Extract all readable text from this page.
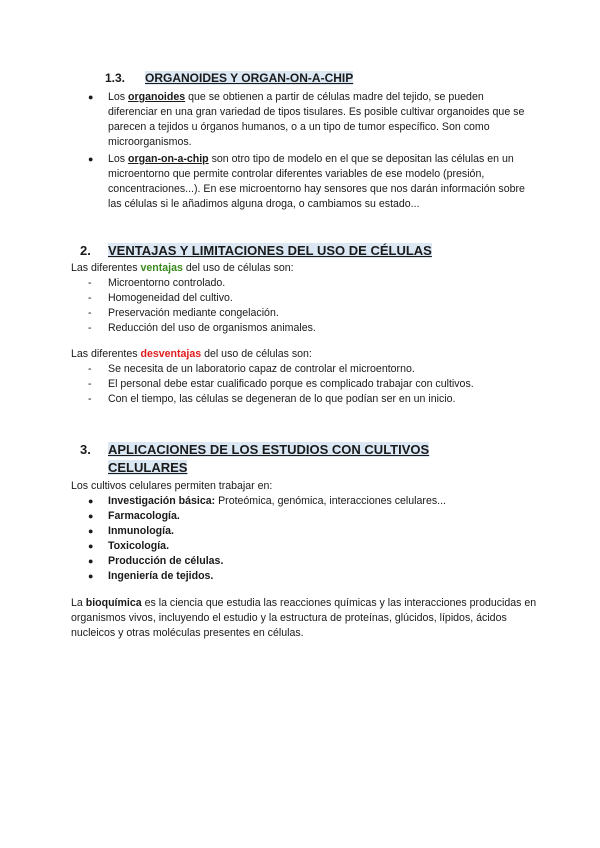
1.3. ORGANOIDES Y ORGAN-ON-A-CHIP
● Los organoides que se obtienen a partir de células madre del tejido, se pueden diferenciar en una gran variedad de tipos tisulares. Es posible cultivar organoides que se parecen a tejidos u órganos humanos, o a un tipo de tumor específico. Son como microorganismos.
● Los organ-on-a-chip son otro tipo de modelo en el que se depositan las células en un microentorno que permite controlar diferentes variables de ese modelo (presión, concentraciones...). En ese microentorno hay sensores que nos darán información sobre las células si le añadimos alguna droga, o cambiamos su estado...
2. VENTAJAS Y LIMITACIONES DEL USO DE CÉLULAS
Las diferentes ventajas del uso de células son:
- Microentorno controlado.
- Homogeneidad del cultivo.
- Preservación mediante congelación.
- Reducción del uso de organismos animales.
Las diferentes desventajas del uso de células son:
- Se necesita de un laboratorio capaz de controlar el microentorno.
- El personal debe estar cualificado porque es complicado trabajar con cultivos.
- Con el tiempo, las células se degeneran de lo que podían ser en un inicio.
3. APLICACIONES DE LOS ESTUDIOS CON CULTIVOS
CELULARES
Los cultivos celulares permiten trabajar en:
● Investigación básica: Proteómica, genómica, interacciones celulares...
● Farmacología.
● Inmunología.
● Toxicología.
● Producción de células.
● Ingeniería de tejidos.
La bioquímica es la ciencia que estudia las reacciones químicas y las interacciones producidas en organismos vivos, incluyendo el estudio y la estructura de proteínas, glúcidos, lípidos, ácidos nucleicos y otras moléculas presentes en células.
